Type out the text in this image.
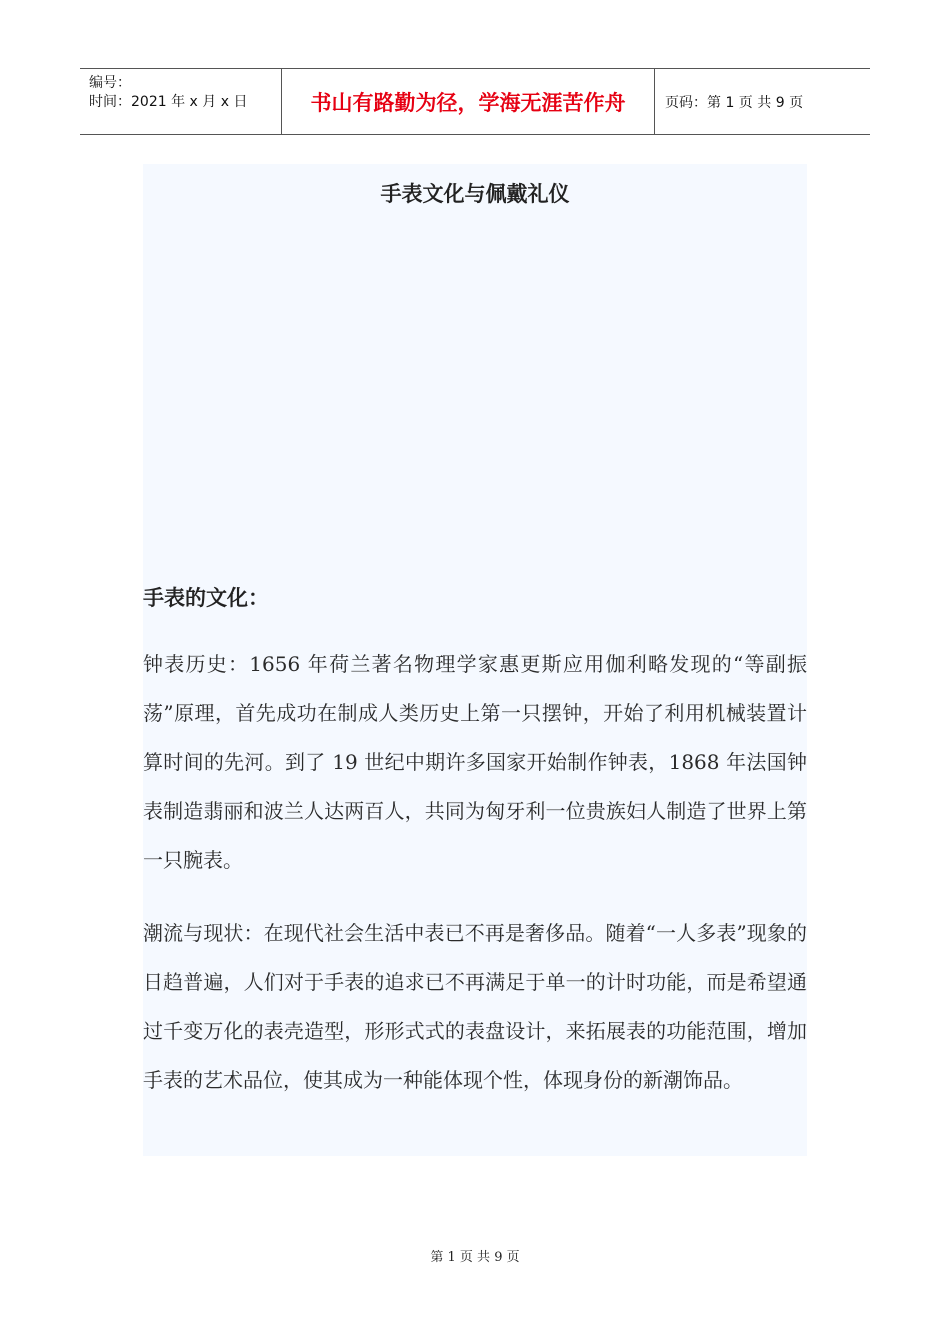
编号：
时间：2021 年 x 月 x 日	书山有路勤为径，学海无涯苦作舟	页码：第 1 页 共 9 页
手表文化与佩戴礼仪
手表的文化：
钟表历史：1656 年荷兰著名物理学家惠更斯应用伽利略发现的“等副振荡”原理，首先成功在制成人类历史上第一只摆钟，开始了利用机械装置计算时间的先河。到了 19 世纪中期许多国家开始制作钟表，1868 年法国钟表制造翡丽和波兰人达两百人，共同为匈牙利一位贵族妇人制造了世界上第一只腕表。
潮流与现状：在现代社会生活中表已不再是奢侈品。随着“一人多表”现象的日趋普遍，人们对于手表的追求已不再满足于单一的计时功能，而是希望通过千变万化的表壳造型，形形式式的表盘设计，来拓展表的功能范围，增加手表的艺术品位，使其成为一种能体现个性，体现身份的新潮饰品。
第 1 页 共 9 页
